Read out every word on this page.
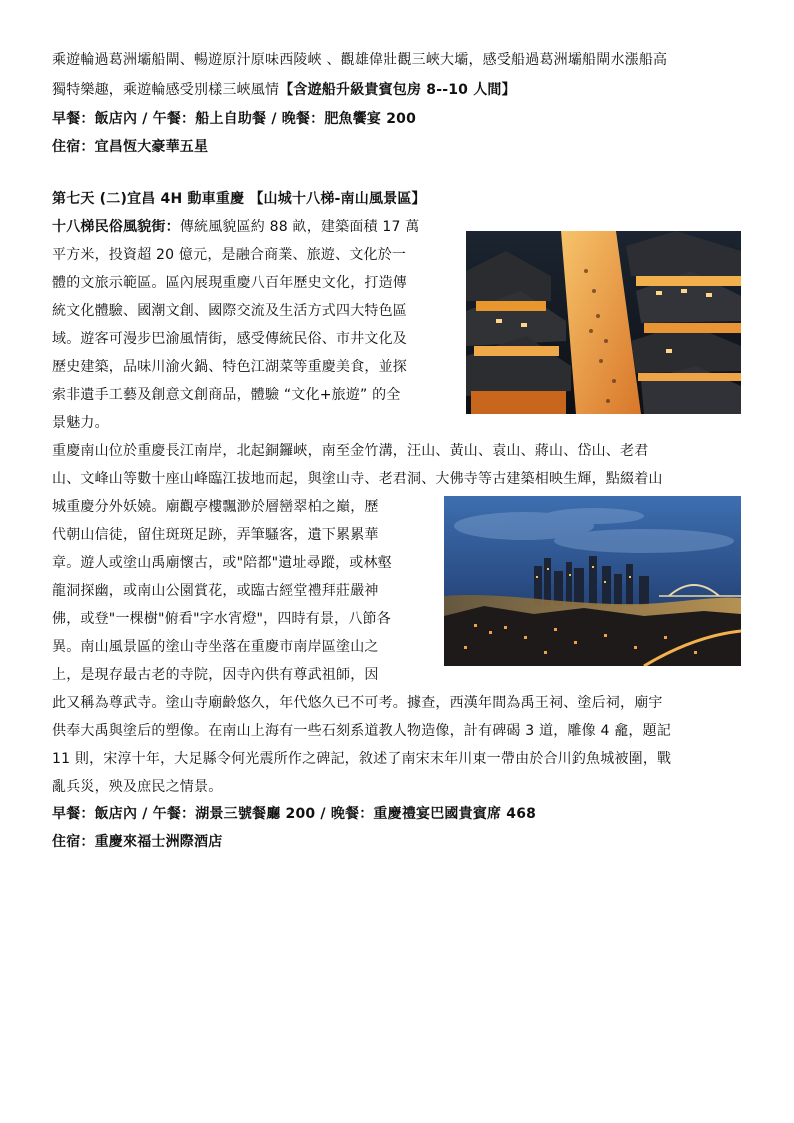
乘遊輪過葛洲壩船閘、暢遊原汁原味西陵峽 、觀雄偉壯觀三峽大壩，感受船過葛洲壩船閘水漲船高
獨特樂趣，乘遊輪感受別樣三峽風情【含遊船升級貴賓包房 8--10 人間】
早餐：飯店內 / 午餐：船上自助餐 / 晚餐：肥魚饗宴 200
住宿：宜昌恆大豪華五星
第七天 (二)宜昌 4H 動車重慶 【山城十八梯-南山風景區】
十八梯民俗風貌街：傳統風貌區約 88 畝，建築面積 17 萬
平方米，投資超 20 億元，是融合商業、旅遊、文化於一
體的文旅示範區。區內展現重慶八百年歷史文化，打造傳
統文化體驗、國潮文創、國際交流及生活方式四大特色區
域。遊客可漫步巴渝風情街，感受傳統民俗、市井文化及
歷史建築，品味川渝火鍋、特色江湖菜等重慶美食，並探
索非遺手工藝及創意文創商品，體驗 “文化+旅遊” 的全
景魅力。
重慶南山位於重慶長江南岸，北起銅鑼峽，南至金竹溝，汪山、黃山、袁山、蔣山、岱山、老君
山、文峰山等數十座山峰臨江拔地而起，與塗山寺、老君洞、大佛寺等古建築相映生輝，點綴着山
城重慶分外妖嬈。廟觀亭樓飄渺於層巒翠柏之巔，歷
代朝山信徒，留住斑斑足跡，弄筆騷客，遺下累累華
章。遊人或塗山禹廟懷古，或"陪都"遺址尋蹤，或林壑
龍洞探幽，或南山公園賞花，或臨古經堂禮拜莊嚴神
佛，或登"一棵樹"俯看"字水宵燈"，四時有景，八節各
異。南山風景區的塗山寺坐落在重慶市南岸區塗山之
上，是現存最古老的寺院，因寺內供有尊武祖師，因
此又稱為尊武寺。塗山寺廟齡悠久，年代悠久已不可考。據查，西漢年間為禹王祠、塗后祠，廟宇
供奉大禹與塗后的塑像。在南山上海有一些石刻系道教人物造像，計有碑碣 3 道，雕像 4 龕，題記
11 則，宋淳十年，大足縣令何光震所作之碑記，敘述了南宋末年川東一帶由於合川釣魚城被圍，戰
亂兵災，殃及庶民之情景。
早餐：飯店內 / 午餐：湖景三號餐廳 200 / 晚餐：重慶禮宴巴國貴賓席 468
住宿：重慶來福士洲際酒店
